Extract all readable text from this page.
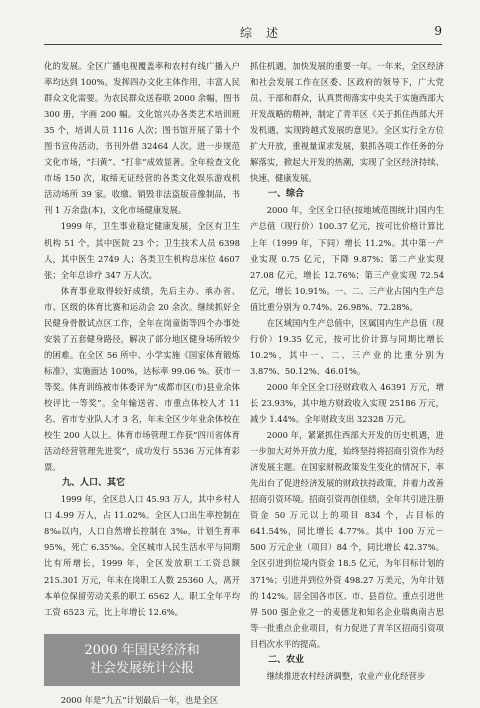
综述	9

化的发展。全区广播电视覆盖率和农村有线广播入户率均达到 100%。发挥四办文化主体作用，丰富人民群众文化需要。为农民群众送春联 2000 余幅，图书 300 册，字画 200 幅。文化馆兴办各类艺术培训班 35 个，培训人员 1116 人次；图书馆开展了第十个图书宣传活动，书刊外借 32464 人次。进一步规范文化市场，“扫黄”、“打非”成效显著。全年检查文化市场 150 次，取缔无证经营的各类文化娱乐游戏机活动场所 39 家。收缴、销毁非法盗版音像制品，书刊 1 万余盘(本)，文化市场健康发展。

1999 年，卫生事业稳定健康发展，全区有卫生机构 51 个，其中医院 23 个；卫生技术人员 6398 人，其中医生 2749 人；各类卫生机构总床位 4607 张；全年总诊疗 347 万人次。

体育事业取得较好成绩，先后主办、承办省、市、区级的体育比赛和运动会 20 余次。继续抓好全民健身骨骰试点区工作，全年在岗童街等四个办事处安装了五套健身路径，解决了部分地区健身场所较少的困难。在全区 56 所中、小学实施《国家体育锻炼标准》，实施面达 100%，达标率 99.06 %。获市一等奖。体育训练被市体委评为“成都市区(市)县业余体校评比一等奖”。全年输送省、市重点体校人才 11 名、省市专业队人才 3 名，年末全区少年业余体校在校生 200 人以上。体育市场管理工作获“四川省体育活动经营管理先进奖”，成功发行 5536 万元体育彩票。

九、人口、其它

1999 年，全区总人口 45.93 万人，其中乡村人口 4.99 万人，占 11.02%。全区人口出生率控制在 8‰以内，人口自然增长控制在 3‰，计划生育率 95%，死亡 6.35‰。全区城市人民生活水平与同期比有所增长，1999 年，全区发放职工工资总额 215.301 万元，年末在岗职工人数 25360 人，离开本单位保留劳动关系的职工 6562 人。职工全年平均工资 6523 元，比上年增长 12.6%。

2000 年国民经济和
社会发展统计公报

2000 年是“九五”计划最后一年，也是全区

抓住机遇，加快发展的重要一年。一年来，全区经济和社会发展工作在区委、区政府的领导下，广大党员、干部和群众，认真贯彻落实中央关于实施西部大开发战略的精神，制定了青羊区《关于抓住西部大开发机遇，实现跨越式发展的意见》。全区实行全方位扩大开放，重视量谋求发展，狠抓各项工作任务的分解落实，掀起大开发的热潮，实现了全区经济持续、快速、健康发展。

一、综合

2000 年，全区全口径(按地域范围统计)国内生产总值（现行价）100.37 亿元，按可比价格计算比上年（1999 年，下同）增长 11.2%。其中第一产业实现 0.75 亿元，下降 9.87%；第二产业实现 27.08 亿元，增长 12.76%；第三产业实现 72.54 亿元，增长 10.91%。一、二、三产业占国内生产总值比重分别为 0.74%、26.98%、72.28%。

在区域国内生产总值中，区属国内生产总值（现行价）19.35 亿元，按可比价计算与同期比增长 10.2%，其中一、二、三产业的比重分别为 3.87%、50.12%、46.01%。

2000 年全区全口径财政收入 46391 万元，增长 23.93%，其中地方财政收入实现 25186 万元，减少 1.44%。全年财政支出 32328 万元。

2000 年，紧紧抓住西部大开发的历史机遇，进一步加大对外开放力度，始终坚持将招商引资作为经济发展主题。在国家财税政策发生变化的情况下，率先出台了促进经济发展的财政扶持政策，并着力改善招商引资环境。招商引资再创佳绩，全年共引进注册资金 50 万元以上的项目 834 个，占目标的 641.54%，同比增长 4.77%。其中 100 万元－500 万元企业（项目）84 个，同比增长 42.37%。全区引进到位境内资金 18.5 亿元，为年目标计划的 371%；引进并到位外资 498.27 万美元，为年计划的 142%。居全国各市区、市、县首位。重点引进世界 500 强企业之一的麦德龙和知名企业瑞典南吉思等一批重点企业项目，有力促进了青羊区招商引资项目档次水平的提高。

二、农业

继续推进农村经济调整，农业产业化经营步
